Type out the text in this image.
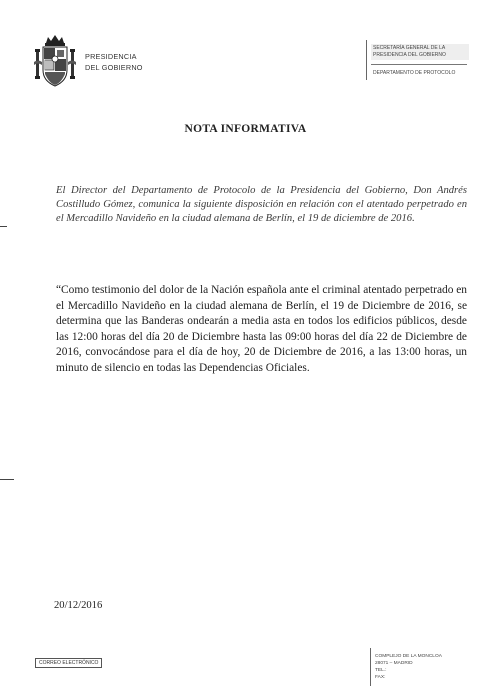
PRESIDENCIA
DEL GOBIERNO
SECRETARÍA GENERAL DE LA
PRESIDENCIA DEL GOBIERNO
DEPARTAMENTO DE PROTOCOLO
NOTA INFORMATIVA

El Director del Departamento de Protocolo de la Presidencia del Gobierno, Don Andrés Costilludo Gómez, comunica la siguiente disposición en relación con el atentado perpetrado en el Mercadillo Navideño en la ciudad alemana de Berlín, el 19 de diciembre de 2016.

“Como testimonio del dolor de la Nación española ante el criminal atentado perpetrado en el Mercadillo Navideño en la ciudad alemana de Berlín, el 19 de Diciembre de 2016, se determina que las Banderas ondearán a media asta en todos los edificios públicos, desde las 12:00 horas del día 20 de Diciembre hasta las 09:00 horas del día 22 de Diciembre de 2016, convocándose para el día de hoy, 20 de Diciembre de 2016, a las 13:00 horas, un minuto de silencio en todas las Dependencias Oficiales.

20/12/2016
CORREO ELECTRÓNICO
COMPLEJO DE LA MONCLOA
28071 – MADRID
TEL.:
FAX:
